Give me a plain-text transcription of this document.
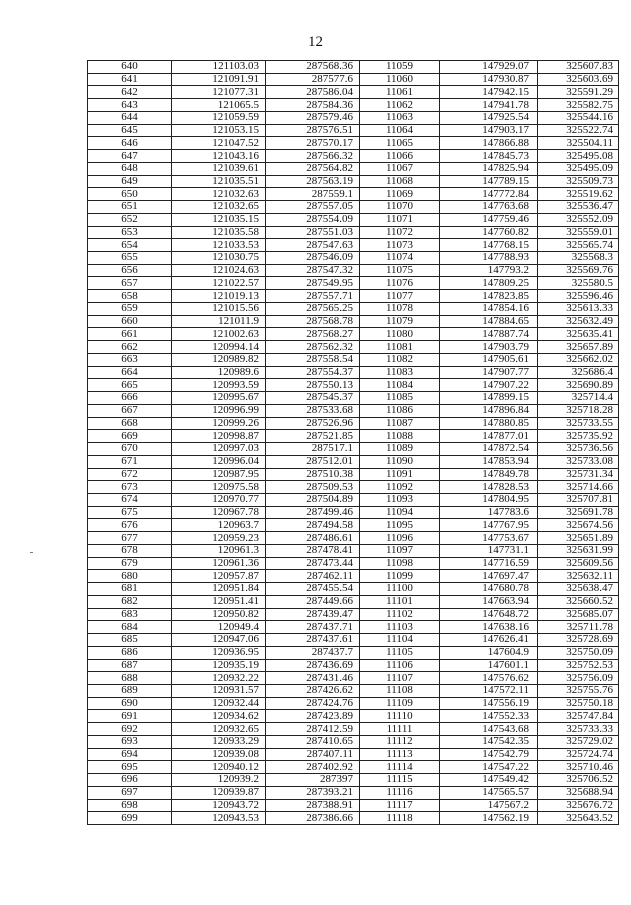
12
640	121103.03	287568.36	11059	147929.07	325607.83
641	121091.91	287577.6	11060	147930.87	325603.69
642	121077.31	287586.04	11061	147942.15	325591.29
643	121065.5	287584.36	11062	147941.78	325582.75
644	121059.59	287579.46	11063	147925.54	325544.16
645	121053.15	287576.51	11064	147903.17	325522.74
646	121047.52	287570.17	11065	147866.88	325504.11
647	121043.16	287566.32	11066	147845.73	325495.08
648	121039.61	287564.82	11067	147825.94	325495.09
649	121035.51	287563.19	11068	147789.15	325509.73
650	121032.63	287559.1	11069	147772.84	325519.62
651	121032.65	287557.05	11070	147763.68	325536.47
652	121035.15	287554.09	11071	147759.46	325552.09
653	121035.58	287551.03	11072	147760.82	325559.01
654	121033.53	287547.63	11073	147768.15	325565.74
655	121030.75	287546.09	11074	147788.93	325568.3
656	121024.63	287547.32	11075	147793.2	325569.76
657	121022.57	287549.95	11076	147809.25	325580.5
658	121019.13	287557.71	11077	147823.85	325596.46
659	121015.56	287565.25	11078	147854.16	325613.33
660	121011.9	287568.78	11079	147884.65	325632.49
661	121002.63	287568.27	11080	147887.74	325635.41
662	120994.14	287562.32	11081	147903.79	325657.89
663	120989.82	287558.54	11082	147905.61	325662.02
664	120989.6	287554.37	11083	147907.77	325686.4
665	120993.59	287550.13	11084	147907.22	325690.89
666	120995.67	287545.37	11085	147899.15	325714.4
667	120996.99	287533.68	11086	147896.84	325718.28
668	120999.26	287526.96	11087	147880.85	325733.55
669	120998.87	287521.85	11088	147877.01	325735.92
670	120997.03	287517.1	11089	147872.54	325736.56
671	120996.04	287512.01	11090	147853.94	325733.08
672	120987.95	287510.38	11091	147849.78	325731.34
673	120975.58	287509.53	11092	147828.53	325714.66
674	120970.77	287504.89	11093	147804.95	325707.81
675	120967.78	287499.46	11094	147783.6	325691.78
676	120963.7	287494.58	11095	147767.95	325674.56
677	120959.23	287486.61	11096	147753.67	325651.89
678	120961.3	287478.41	11097	147731.1	325631.99
679	120961.36	287473.44	11098	147716.59	325609.56
680	120957.87	287462.11	11099	147697.47	325632.11
681	120951.84	287455.54	11100	147680.78	325638.47
682	120951.41	287449.66	11101	147663.94	325660.52
683	120950.82	287439.47	11102	147648.72	325685.07
684	120949.4	287437.71	11103	147638.16	325711.78
685	120947.06	287437.61	11104	147626.41	325728.69
686	120936.95	287437.7	11105	147604.9	325750.09
687	120935.19	287436.69	11106	147601.1	325752.53
688	120932.22	287431.46	11107	147576.62	325756.09
689	120931.57	287426.62	11108	147572.11	325755.76
690	120932.44	287424.76	11109	147556.19	325750.18
691	120934.62	287423.89	11110	147552.33	325747.84
692	120932.65	287412.59	11111	147543.68	325733.33
693	120933.29	287410.65	11112	147542.35	325729.02
694	120939.08	287407.11	11113	147542.79	325724.74
695	120940.12	287402.92	11114	147547.22	325710.46
696	120939.2	287397	11115	147549.42	325706.52
697	120939.87	287393.21	11116	147565.57	325688.94
698	120943.72	287388.91	11117	147567.2	325676.72
699	120943.53	287386.66	11118	147562.19	325643.52
